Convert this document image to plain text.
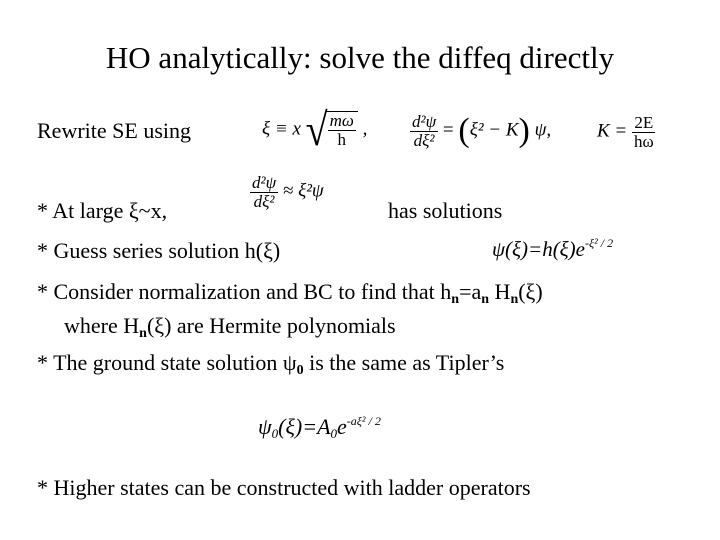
HO analytically: solve the diffeq directly
Rewrite SE using	ξ ≡ x √ $\frac{m\omega}{h}$ ,	$\frac{\text{d²ψ}}{\text{dξ²}} = (\xi^2 - K)$ ψ, $K = \frac{2E}{h\omega}$
* At large ξ~x,	$\frac{\text{d²ψ}}{\text{dξ²}} \approx \xi^2\psi$
has solutions
* Guess series solution h(ξ)	$\psi(\xi)=h(\xi)e^{-\xi^2 / 2}$
* Consider normalization and BC to find that $h_n=a_n$ $H_n(\xi)$
where $H_n(\xi)$ are Hermite polynomials
* The ground state solution $\psi_0$ is the same as Tipler’s
$\psi_0(\xi)=A_0e^{-a\xi^2 / 2}$
* Higher states can be constructed with ladder operators
